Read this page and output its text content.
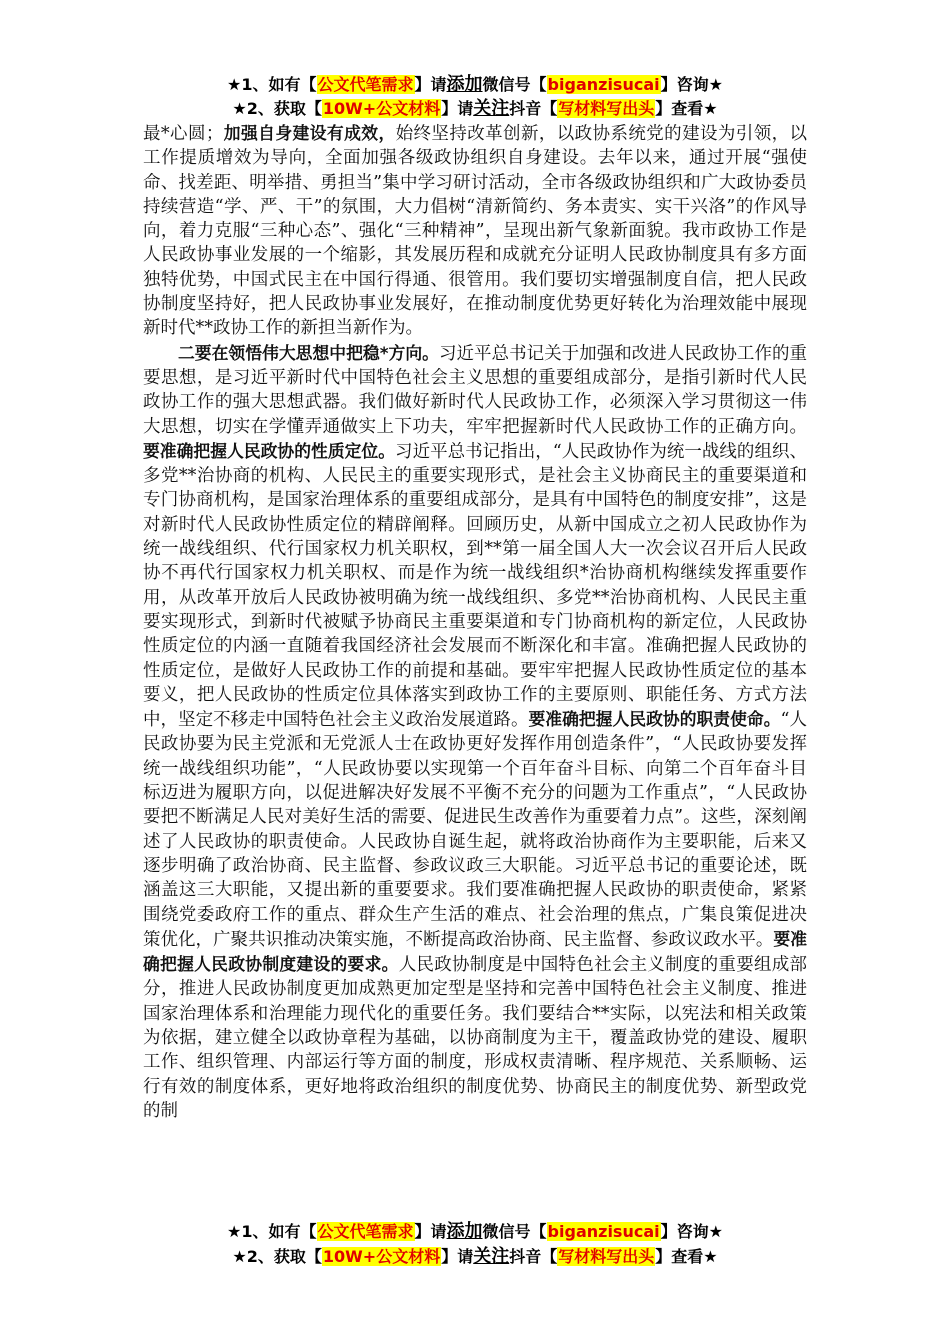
★1、如有【公文代笔需求】请添加微信号【biganzisucai】咨询★
★2、获取【10W+公文材料】请关注抖音【写材料写出头】查看★

最*心圆；加强自身建设有成效，始终坚持改革创新，以政协系统党的建设为引领，以工作提质增效为导向，全面加强各级政协组织自身建设。去年以来，通过开展“强使命、找差距、明举措、勇担当”集中学习研讨活动，全市各级政协组织和广大政协委员持续营造“学、严、干”的氛围，大力倡树“清新简约、务本责实、实干兴洛”的作风导向，着力克服“三种心态”、强化“三种精神”，呈现出新气象新面貌。我市政协工作是人民政协事业发展的一个缩影，其发展历程和成就充分证明人民政协制度具有多方面独特优势，中国式民主在中国行得通、很管用。我们要切实增强制度自信，把人民政协制度坚持好，把人民政协事业发展好，在推动制度优势更好转化为治理效能中展现新时代**政协工作的新担当新作为。

二要在领悟伟大思想中把稳*方向。习近平总书记关于加强和改进人民政协工作的重要思想，是习近平新时代中国特色社会主义思想的重要组成部分，是指引新时代人民政协工作的强大思想武器。我们做好新时代人民政协工作，必须深入学习贯彻这一伟大思想，切实在学懂弄通做实上下功夫，牢牢把握新时代人民政协工作的正确方向。要准确把握人民政协的性质定位。习近平总书记指出，“人民政协作为统一战线的组织、多党**治协商的机构、人民民主的重要实现形式，是社会主义协商民主的重要渠道和专门协商机构，是国家治理体系的重要组成部分，是具有中国特色的制度安排”，这是对新时代人民政协性质定位的精辟阐释。回顾历史，从新中国成立之初人民政协作为统一战线组织、代行国家权力机关职权，到**第一届全国人大一次会议召开后人民政协不再代行国家权力机关职权、而是作为统一战线组织*治协商机构继续发挥重要作用，从改革开放后人民政协被明确为统一战线组织、多党**治协商机构、人民民主重要实现形式，到新时代被赋予协商民主重要渠道和专门协商机构的新定位，人民政协性质定位的内涵一直随着我国经济社会发展而不断深化和丰富。准确把握人民政协的性质定位，是做好人民政协工作的前提和基础。要牢牢把握人民政协性质定位的基本要义，把人民政协的性质定位具体落实到政协工作的主要原则、职能任务、方式方法中，坚定不移走中国特色社会主义政治发展道路。要准确把握人民政协的职责使命。“人民政协要为民主党派和无党派人士在政协更好发挥作用创造条件”，“人民政协要发挥统一战线组织功能”，“人民政协要以实现第一个百年奋斗目标、向第二个百年奋斗目标迈进为履职方向，以促进解决好发展不平衡不充分的问题为工作重点”，“人民政协要把不断满足人民对美好生活的需要、促进民生改善作为重要着力点”。这些，深刻阐述了人民政协的职责使命。人民政协自诞生起，就将政治协商作为主要职能，后来又逐步明确了政治协商、民主监督、参政议政三大职能。习近平总书记的重要论述，既涵盖这三大职能，又提出新的重要要求。我们要准确把握人民政协的职责使命，紧紧围绕党委政府工作的重点、群众生产生活的难点、社会治理的焦点，广集良策促进决策优化，广聚共识推动决策实施，不断提高政治协商、民主监督、参政议政水平。要准确把握人民政协制度建设的要求。人民政协制度是中国特色社会主义制度的重要组成部分，推进人民政协制度更加成熟更加定型是坚持和完善中国特色社会主义制度、推进国家治理体系和治理能力现代化的重要任务。我们要结合**实际，以宪法和相关政策为依据，建立健全以政协章程为基础，以协商制度为主干，覆盖政协党的建设、履职工作、组织管理、内部运行等方面的制度，形成权责清晰、程序规范、关系顺畅、运行有效的制度体系，更好地将政治组织的制度优势、协商民主的制度优势、新型政党的制

★1、如有【公文代笔需求】请添加微信号【biganzisucai】咨询★
★2、获取【10W+公文材料】请关注抖音【写材料写出头】查看★
